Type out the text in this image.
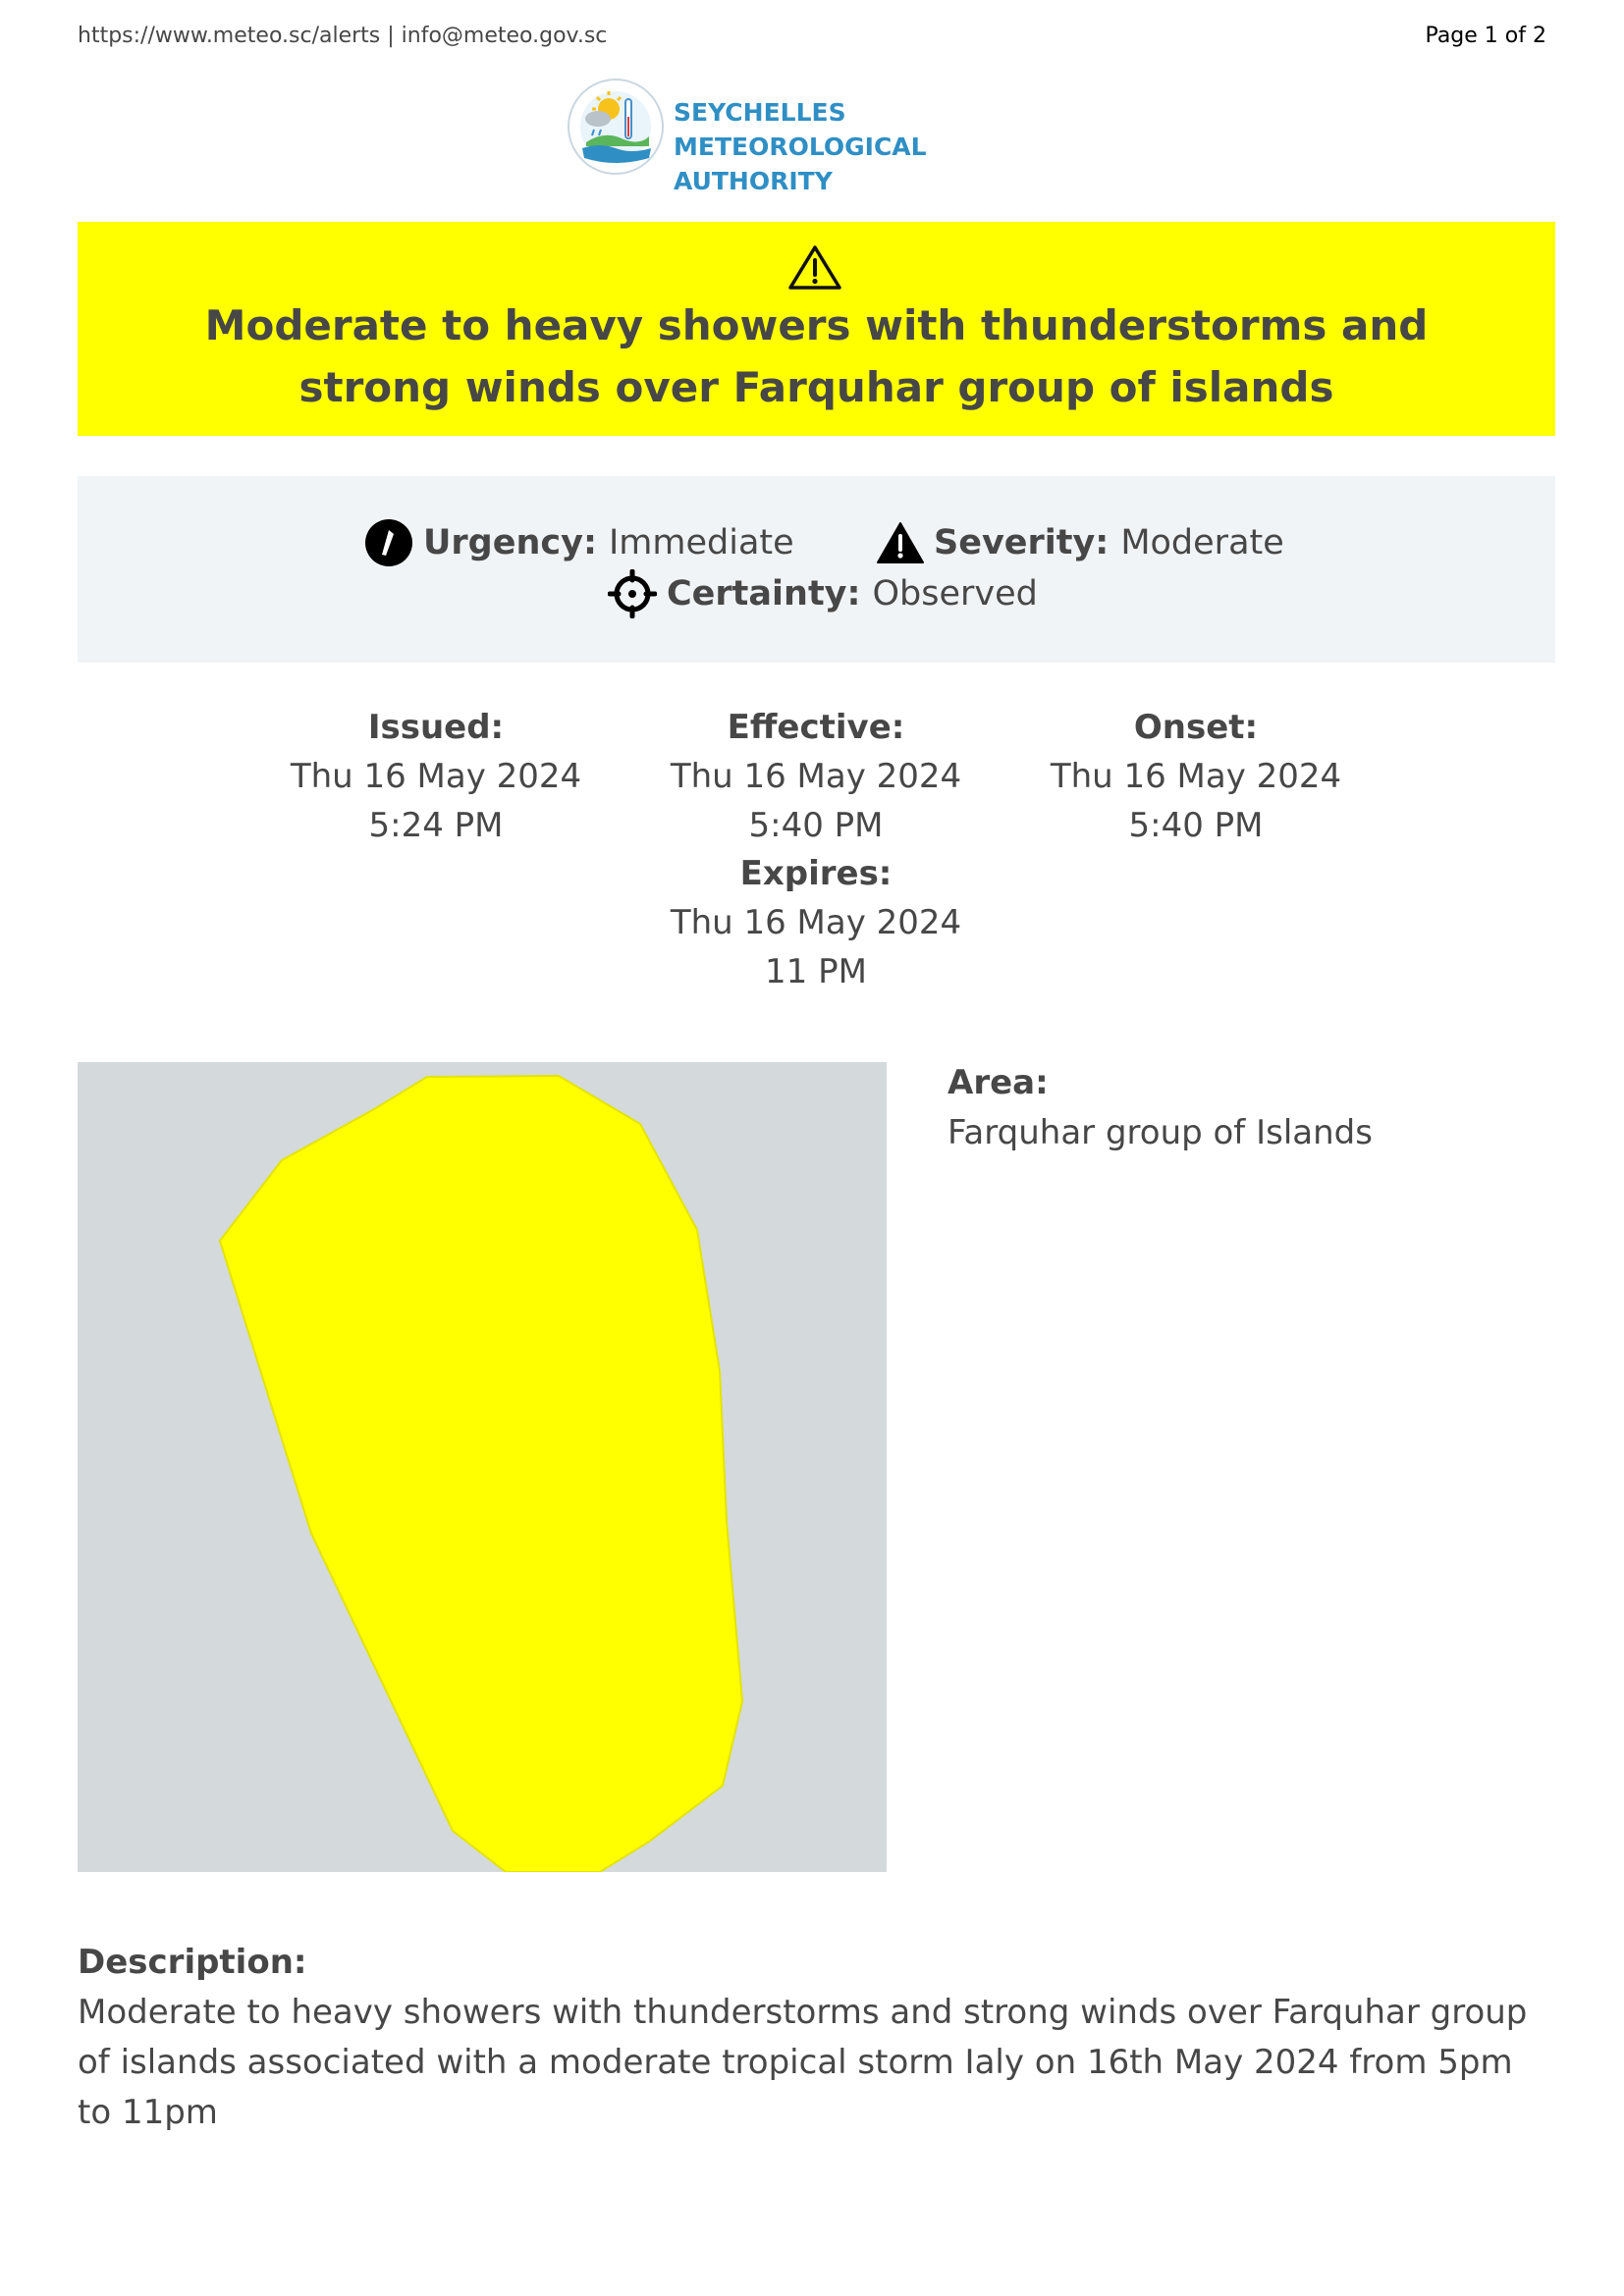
https://www.meteo.sc/alerts | info@meteo.gov.sc	Page 1 of 2
SEYCHELLES METEOROLOGICAL
AUTHORITY
Moderate to heavy showers with thunderstorms and strong winds over Farquhar group of islands
Urgency: Immediate	Severity: Moderate
Certainty: Observed
Issued:
Thu 16 May 2024
5:24 PM
Effective:
Thu 16 May 2024
5:40 PM
Onset:
Thu 16 May 2024
5:40 PM
Expires:
Thu 16 May 2024
11 PM
Area:
Farquhar group of Islands
Description:
Moderate to heavy showers with thunderstorms and strong winds over Farquhar group of islands associated with a moderate tropical storm Ialy on 16th May 2024 from 5pm to 11pm
